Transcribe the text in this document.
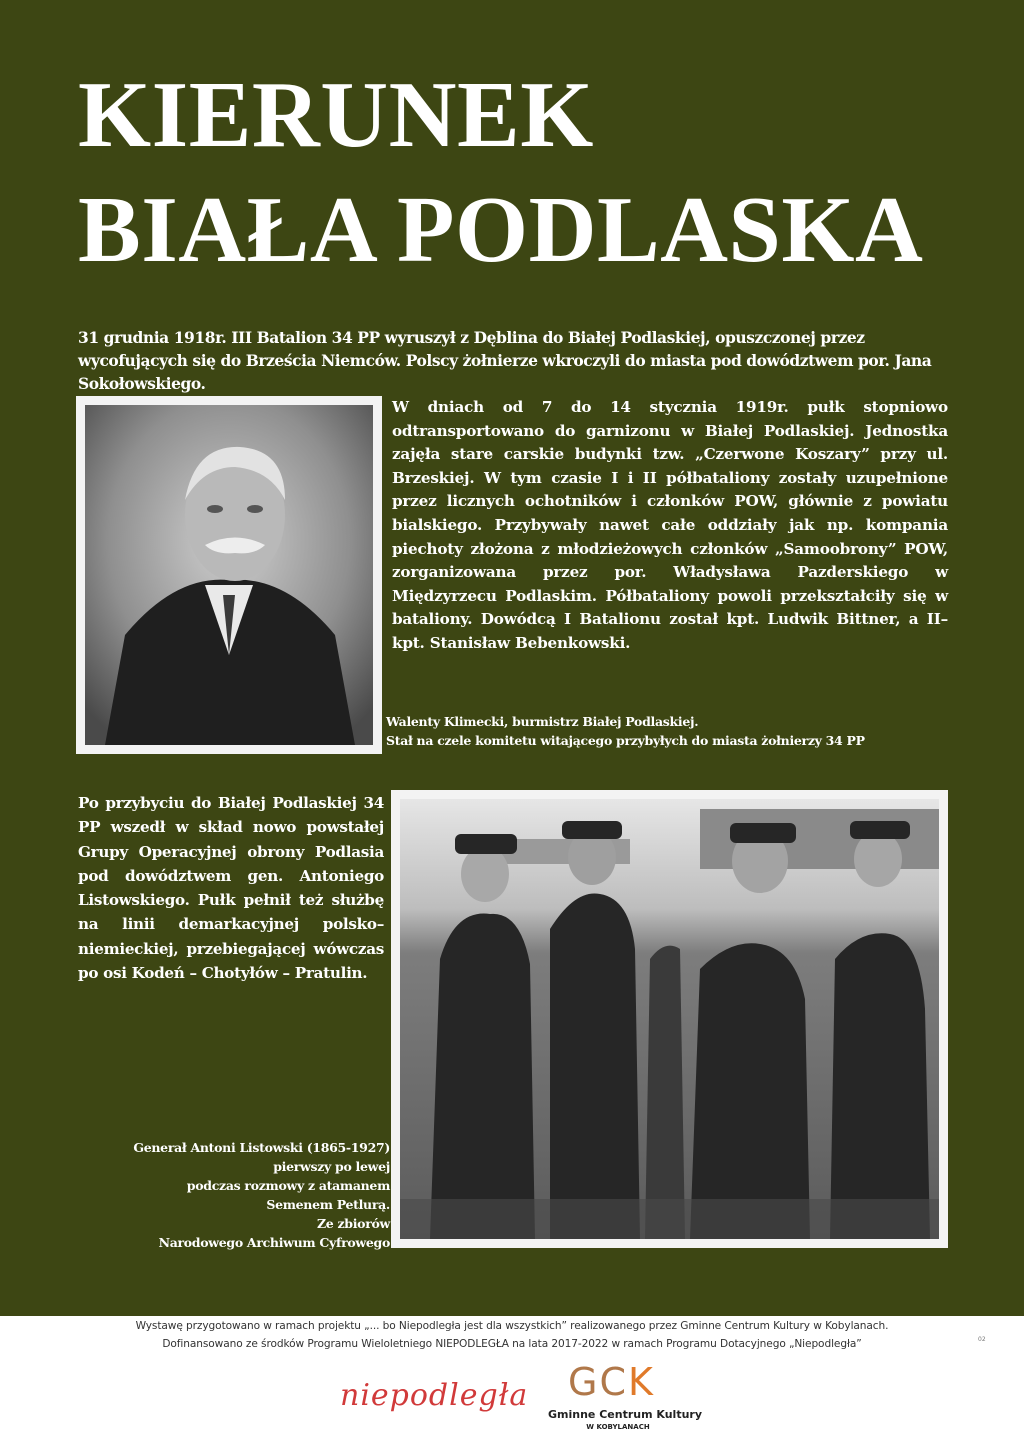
KIERUNEK
BIAŁA PODLASKA

31 grudnia 1918r. III Batalion 34 PP wyruszył z Dęblina do Białej Podlaskiej, opuszczonej przez wycofujących się do Brześcia Niemców. Polscy żołnierze wkroczyli do miasta pod dowództwem por. Jana Sokołowskiego.

W dniach od 7 do 14 stycznia 1919r. pułk stopniowo odtransportowano do garnizonu w Białej Podlaskiej. Jednostka zajęła stare carskie budynki tzw. „Czerwone Koszary” przy ul. Brzeskiej. W tym czasie I i II półbataliony zostały uzupełnione przez licznych ochotników i członków POW, głównie z powiatu bialskiego. Przybywały nawet całe oddziały jak np. kompania piechoty złożona z młodzieżowych członków „Samoobrony” POW, zorganizowana przez por. Władysława Pazderskiego w Międzyrzecu Podlaskim. Półbataliony powoli przekształciły się w bataliony. Dowódcą I Batalionu został kpt. Ludwik Bittner, a II–kpt. Stanisław Bebenkowski.

Walenty Klimecki, burmistrz Białej Podlaskiej.
Stał na czele komitetu witającego przybyłych do miasta żołnierzy 34 PP

Po przybyciu do Białej Podlaskiej 34 PP wszedł w skład nowo powstałej Grupy Operacyjnej obrony Podlasia pod dowództwem gen. Antoniego Listowskiego. Pułk pełnił też służbę na linii demarkacyjnej polsko–niemieckiej, przebiegającej wówczas po osi Kodeń – Chotyłów – Pratulin.

Generał Antoni Listowski (1865-1927)
pierwszy po lewej
podczas rozmowy z atamanem
Semenem Petlurą.
Ze zbiorów
Narodowego Archiwum Cyfrowego

Wystawę przygotowano w ramach projektu „... bo Niepodległa jest dla wszystkich” realizowanego przez Gminne Centrum Kultury w Kobylanach.

Dofinansowano ze środków Programu Wieloletniego NIEPODLEGŁA na lata 2017-2022 w ramach Programu Dotacyjnego „Niepodległa”

niepodległa GCK
Gminne Centrum Kultury
W KOBYLANACH
02
